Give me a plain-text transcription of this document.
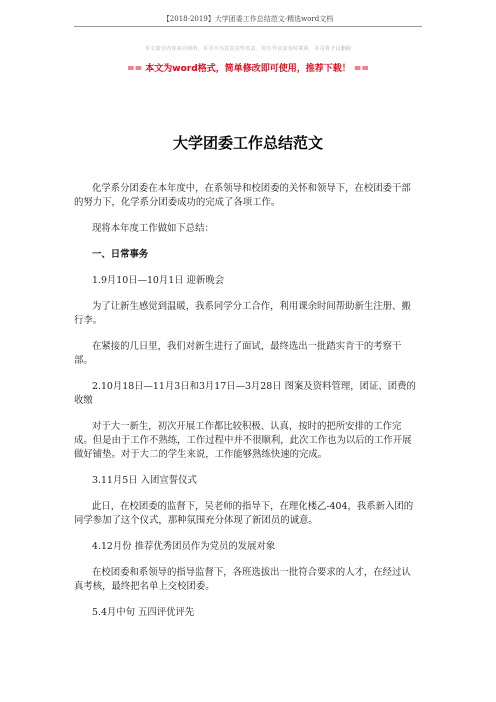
【2018-2019】大学团委工作总结范文-精选word文档
本文部分内容来自网络，本司不为其真实性负责，如有异议请及时联系，本司将予以删除
== 本文为word格式，简单修改即可使用，推荐下载！ ==
大学团委工作总结范文

化学系分团委在本年度中，在系领导和校团委的关怀和领导下，在校团委干部的努力下，化学系分团委成功的完成了各项工作。

现将本年度工作做如下总结：

一、日常事务

1.9月10日—10月1日 迎新晚会

为了让新生感觉到温暖，我系同学分工合作，利用课余时间帮助新生注册、搬行李。

在紧接的几日里，我们对新生进行了面试，最终选出一批踏实肯干的考察干部。

2.10月18日—11月3日和3月17日—3月28日 图案及资料管理，团证、团费的收缴

对于大一新生，初次开展工作都比较积极、认真，按时的把所安排的工作完成。但是由于工作不熟练，工作过程中并不很顺利，此次工作也为以后的工作开展做好铺垫。对于大二的学生来说，工作能够熟练快速的完成。

3.11月5日 入团宣誓仪式

此日，在校团委的监督下，吴老师的指导下，在理化楼乙-404，我系新入团的同学参加了这个仪式，那种氛围充分体现了新团员的诚意。

4.12月份 推荐优秀团员作为党员的发展对象

在校团委和系领导的指导监督下，各班选拔出一批符合要求的人才，在经过认真考核，最终把名单上交校团委。

5.4月中旬 五四评优评先
